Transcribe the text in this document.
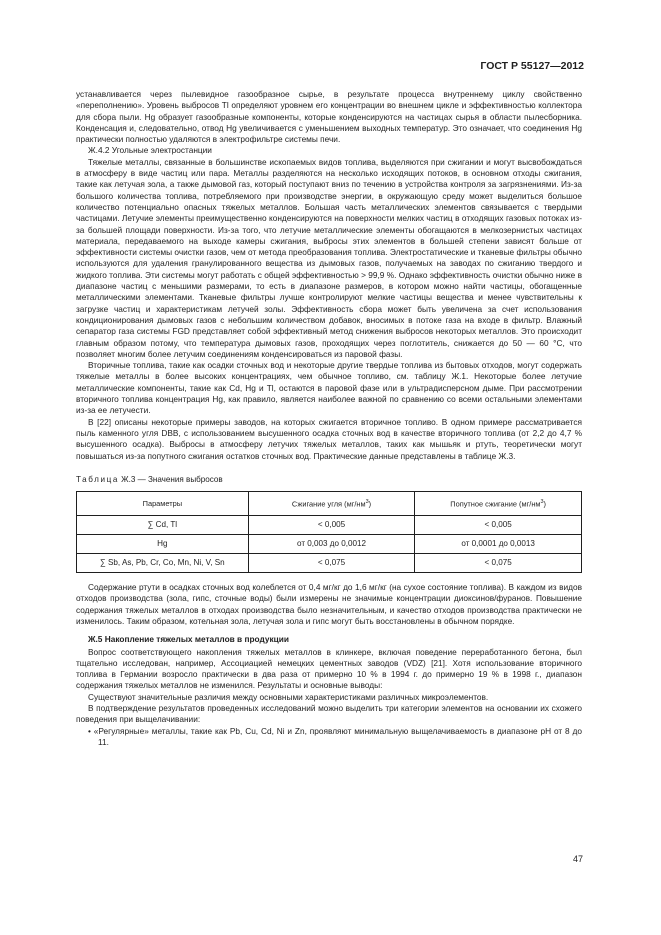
ГОСТ Р 55127—2012

устанавливается через пылевидное газообразное сырье, в результате процесса внутреннему циклу свойственно «переполнению». Уровень выбросов Tl определяют уровнем его концентрации во внешнем цикле и эффективностью коллектора для сбора пыли. Hg образует газообразные компоненты, которые конденсируются на частицах сырья в области пылесборника. Конденсация и, следовательно, отвод Hg увеличивается с уменьшением выходных температур. Это означает, что соединения Hg практически полностью удаляются в электрофильтре системы печи.

Ж.4.2 Угольные электростанции

Тяжелые металлы, связанные в большинстве ископаемых видов топлива, выделяются при сжигании и могут высвобождаться в атмосферу в виде частиц или пара. Металлы разделяются на несколько исходящих потоков, в основном отходы сжигания, такие как летучая зола, а также дымовой газ, который поступают вниз по течению в устройства контроля за загрязнениями. Из-за большого количества топлива, потребляемого при производстве энергии, в окружающую среду может выделиться большое количество потенциально опасных тяжелых металлов. Большая часть металлических элементов связывается с твердыми частицами. Летучие элементы преимущественно конденсируются на поверхности мелких частиц в отходящих газовых потоках из-за большей площади поверхности. Из-за того, что летучие металлические элементы обогащаются в мелкозернистых частицах материала, передаваемого на выходе камеры сжигания, выбросы этих элементов в большей степени зависят больше от эффективности системы очистки газов, чем от метода преобразования топлива. Электростатические и тканевые фильтры обычно используются для удаления гранулированного вещества из дымовых газов, получаемых на заводах по сжиганию твердого и жидкого топлива. Эти системы могут работать с общей эффективностью > 99,9 %. Однако эффективность очистки обычно ниже в диапазоне частиц с меньшими размерами, то есть в диапазоне размеров, в котором можно найти частицы, обогащенные металлическими элементами. Тканевые фильтры лучше контролируют мелкие частицы вещества и менее чувствительны к загрузке частиц и характеристикам летучей золы. Эффективность сбора может быть увеличена за счет использования кондиционирования дымовых газов с небольшим количеством добавок, вносимых в потоке газа на входе в фильтр. Влажный сепаратор газа системы FGD представляет собой эффективный метод снижения выбросов некоторых металлов. Это происходит главным образом потому, что температура дымовых газов, проходящих через поглотитель, снижается до 50 — 60 °С, что позволяет многим более летучим соединениям конденсироваться из паровой фазы.

Вторичные топлива, такие как осадки сточных вод и некоторые другие твердые топлива из бытовых отходов, могут содержать тяжелые металлы в более высоких концентрациях, чем обычное топливо, см. таблицу Ж.1. Некоторые более летучие металлические компоненты, такие как Cd, Hg и Tl, остаются в паровой фазе или в ультрадисперсном дыме. При рассмотрении вторичного топлива концентрация Hg, как правило, является наиболее важной по сравнению со всеми остальными элементами из-за ее летучести.

В [22] описаны некоторые примеры заводов, на которых сжигается вторичное топливо. В одном примере рассматривается пыль каменного угля DBB, с использованием высушенного осадка сточных вод в качестве вторичного топлива (от 2,2 до 4,7 % высушенного осадка). Выбросы в атмосферу летучих тяжелых металлов, таких как мышьяк и ртуть, теоретически могут повышаться из-за попутного сжигания остатков сточных вод. Практические данные представлены в таблице Ж.3.

Таблица Ж.3 — Значения выбросов

Параметры	Сжигание угля $(мг/нм^3)$	Попутное сжигание $(мг/нм^3)$
∑ Cd, Tl	< 0,005	< 0,005
Hg	от 0,003 до 0,0012	от 0,0001 до 0,0013
∑ Sb, As, Pb, Cr, Co, Mn, Ni, V, Sn	< 0,075	< 0,075

Содержание ртути в осадках сточных вод колеблется от 0,4 мг/кг до 1,6 мг/кг (на сухое состояние топлива). В каждом из видов отходов производства (зола, гипс, сточные воды) были измерены не значимые концентрации диоксинов/фуранов. Повышение содержания тяжелых металлов в отходах производства было незначительным, и качество отходов производства практически не изменилось. Таким образом, котельная зола, летучая зола и гипс могут быть восстановлены в обычном порядке.

Ж.5 Накопление тяжелых металлов в продукции

Вопрос соответствующего накопления тяжелых металлов в клинкере, включая поведение переработанного бетона, был тщательно исследован, например, Ассоциацией немецких цементных заводов (VDZ) [21]. Хотя использование вторичного топлива в Германии возросло практически в два раза от примерно 10 % в 1994 г. до примерно 19 % в 1998 г., диапазон содержания тяжелых металлов не изменился. Результаты и основные выводы:

Существуют значительные различия между основными характеристиками различных микроэлементов.

В подтверждение результатов проведенных исследований можно выделить три категории элементов на основании их схожего поведения при выщелачивании:

• «Регулярные» металлы, такие как Pb, Cu, Cd, Ni и Zn, проявляют минимальную выщелачиваемость в диапазоне pH от 8 до 11.

47
